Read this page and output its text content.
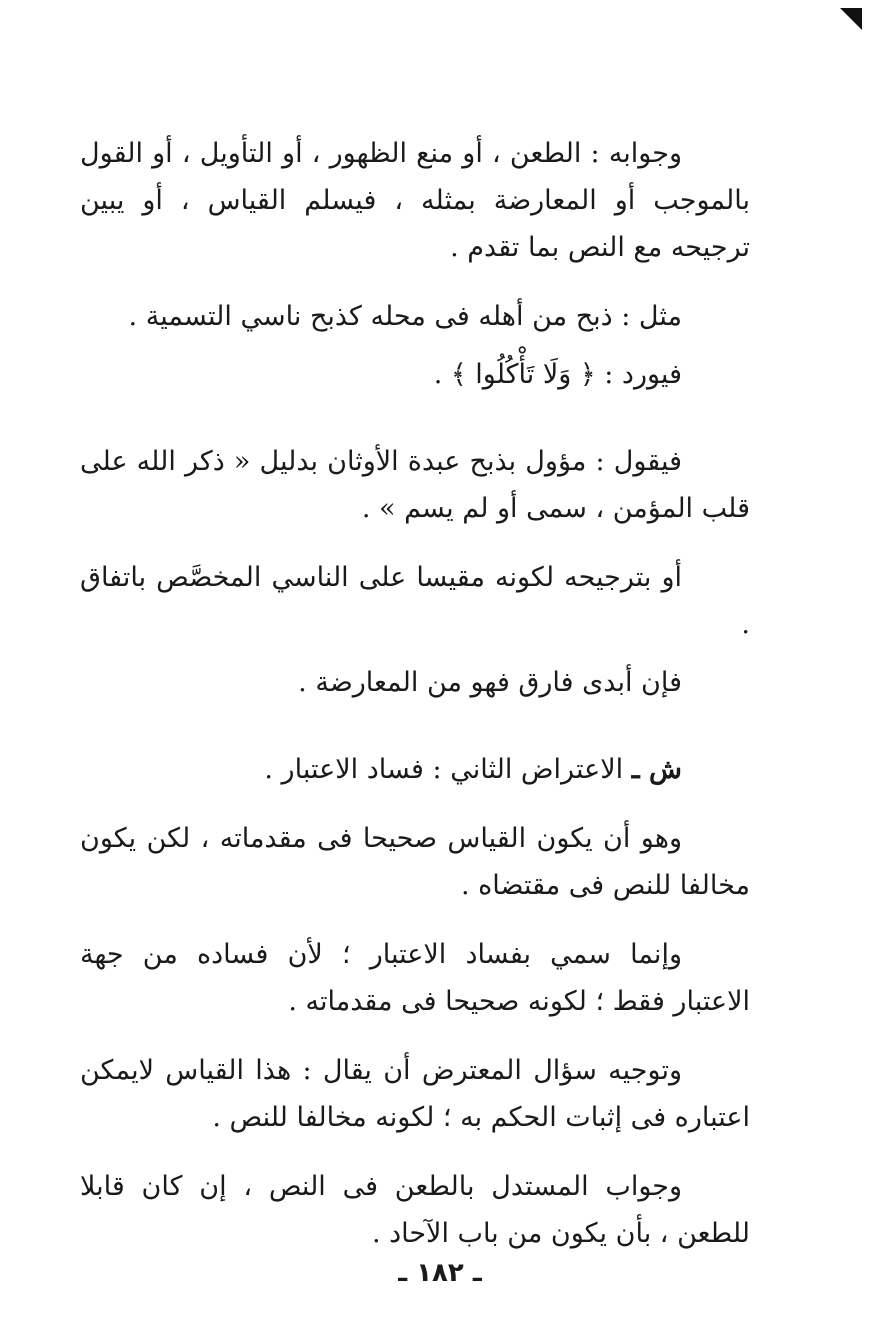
وجوابه : الطعن ، أو منع الظهور ، أو التأويل ، أو القول بالموجب أو المعارضة بمثله ، فيسلم القياس ، أو يبين ترجيحه مع النص بما تقدم .

مثل : ذبح من أهله فى محله كذبح ناسي التسمية .

فيورد : ﴿ وَلَا تَأْكُلُوا ﴾ .

فيقول : مؤول بذبح عبدة الأوثان بدليل « ذكر الله على قلب المؤمن ، سمى أو لم يسم » .

أو بترجيحه لكونه مقيسا على الناسي المخصَّص باتفاق .

فإن أبدى فارق فهو من المعارضة .

ش ـ الاعتراض الثاني : فساد الاعتبار .

وهو أن يكون القياس صحيحا فى مقدماته ، لكن يكون مخالفا للنص فى مقتضاه .

وإنما سمي بفساد الاعتبار ؛ لأن فساده من جهة الاعتبار فقط ؛ لكونه صحيحا فى مقدماته .

وتوجيه سؤال المعترض أن يقال : هذا القياس لايمكن اعتباره فى إثبات الحكم به ؛ لكونه مخالفا للنص .

وجواب المستدل بالطعن فى النص ، إن كان قابلا للطعن ، بأن يكون من باب الآحاد .

ـ ١٨٢ ـ
